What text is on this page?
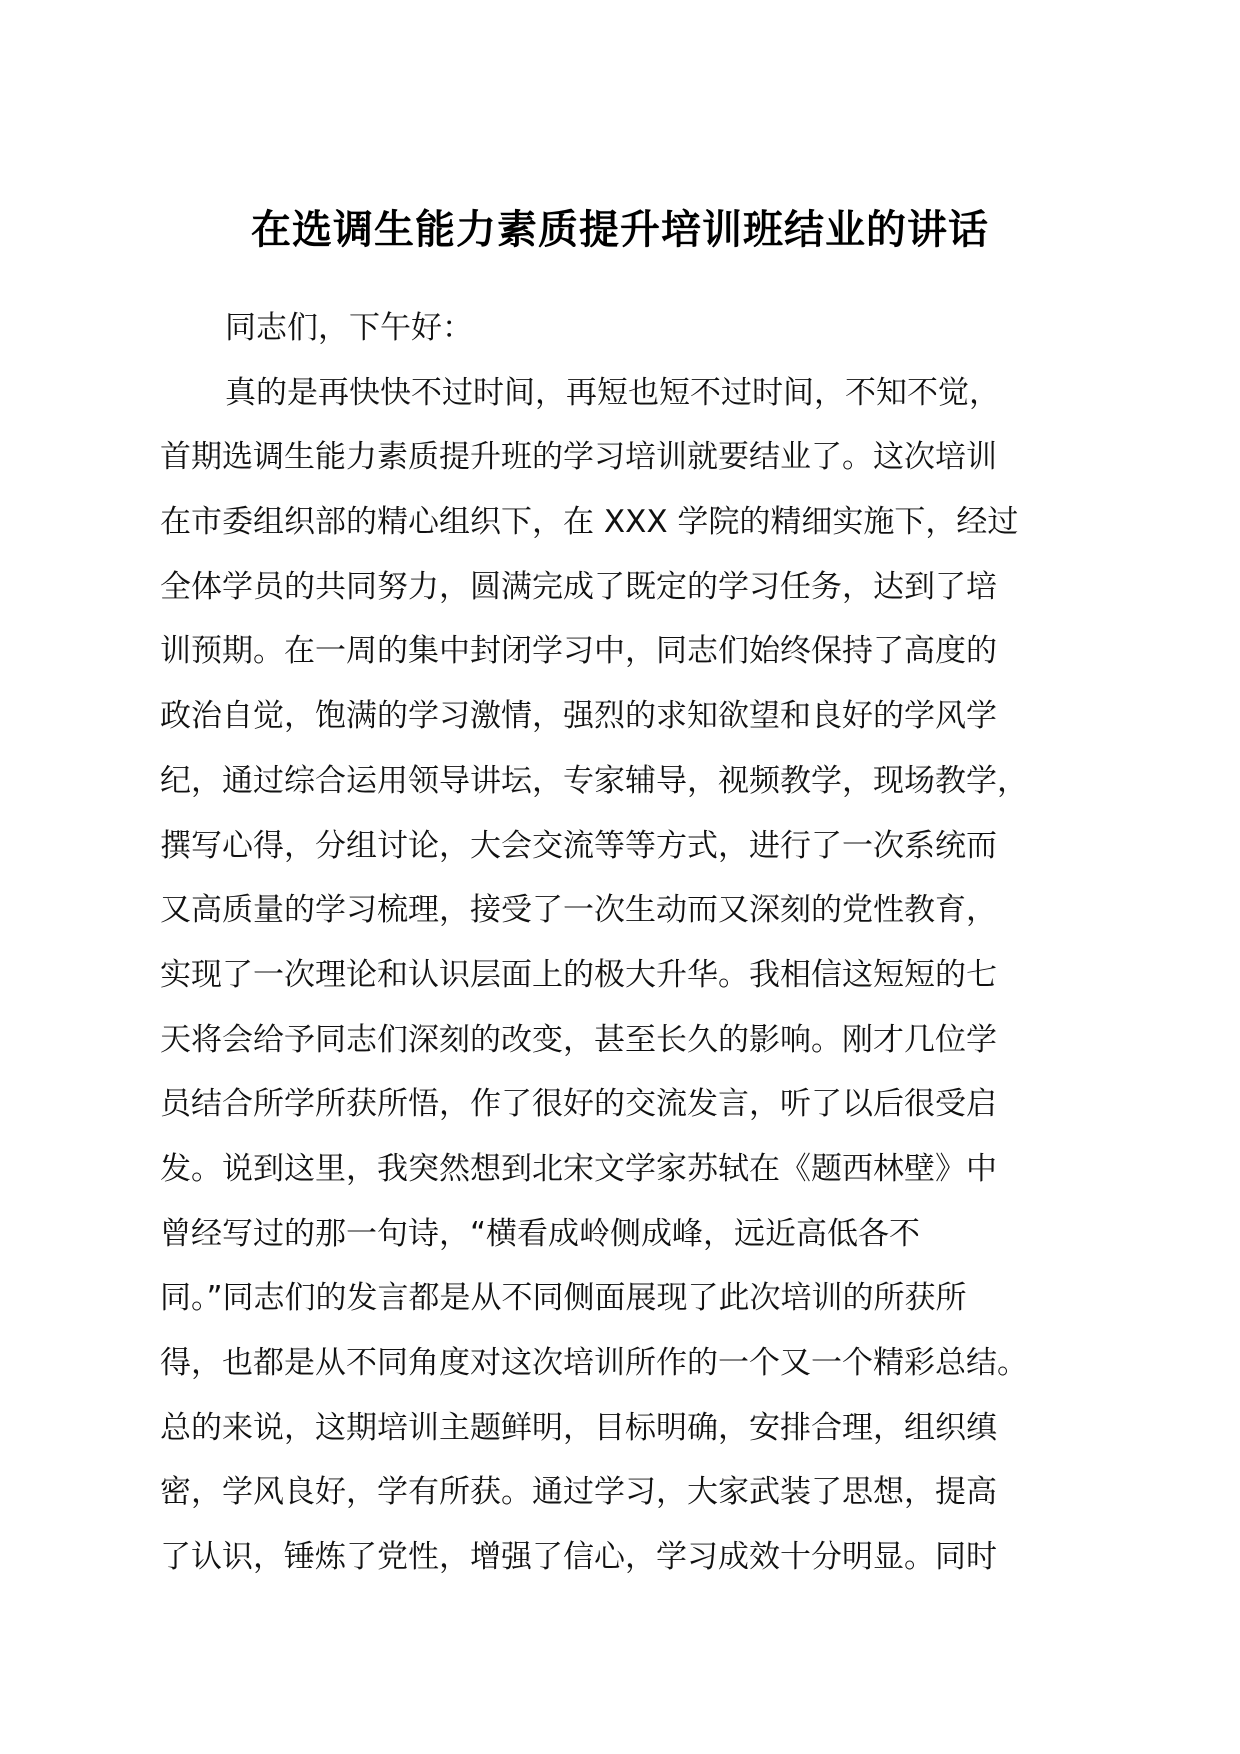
在选调生能力素质提升培训班结业的讲话
同志们，下午好：
真的是再快快不过时间，再短也短不过时间，不知不觉，
首期选调生能力素质提升班的学习培训就要结业了。这次培训
在市委组织部的精心组织下，在 XXX 学院的精细实施下，经过
全体学员的共同努力，圆满完成了既定的学习任务，达到了培
训预期。在一周的集中封闭学习中，同志们始终保持了高度的
政治自觉，饱满的学习激情，强烈的求知欲望和良好的学风学
纪，通过综合运用领导讲坛，专家辅导，视频教学，现场教学，
撰写心得，分组讨论，大会交流等等方式，进行了一次系统而
又高质量的学习梳理，接受了一次生动而又深刻的党性教育，
实现了一次理论和认识层面上的极大升华。我相信这短短的七
天将会给予同志们深刻的改变，甚至长久的影响。刚才几位学
员结合所学所获所悟，作了很好的交流发言，听了以后很受启
发。说到这里，我突然想到北宋文学家苏轼在《题西林壁》中
曾经写过的那一句诗，“横看成岭侧成峰，远近高低各不
同。”同志们的发言都是从不同侧面展现了此次培训的所获所
得，也都是从不同角度对这次培训所作的一个又一个精彩总结。
总的来说，这期培训主题鲜明，目标明确，安排合理，组织缜
密，学风良好，学有所获。通过学习，大家武装了思想，提高
了认识，锤炼了党性，增强了信心，学习成效十分明显。同时
